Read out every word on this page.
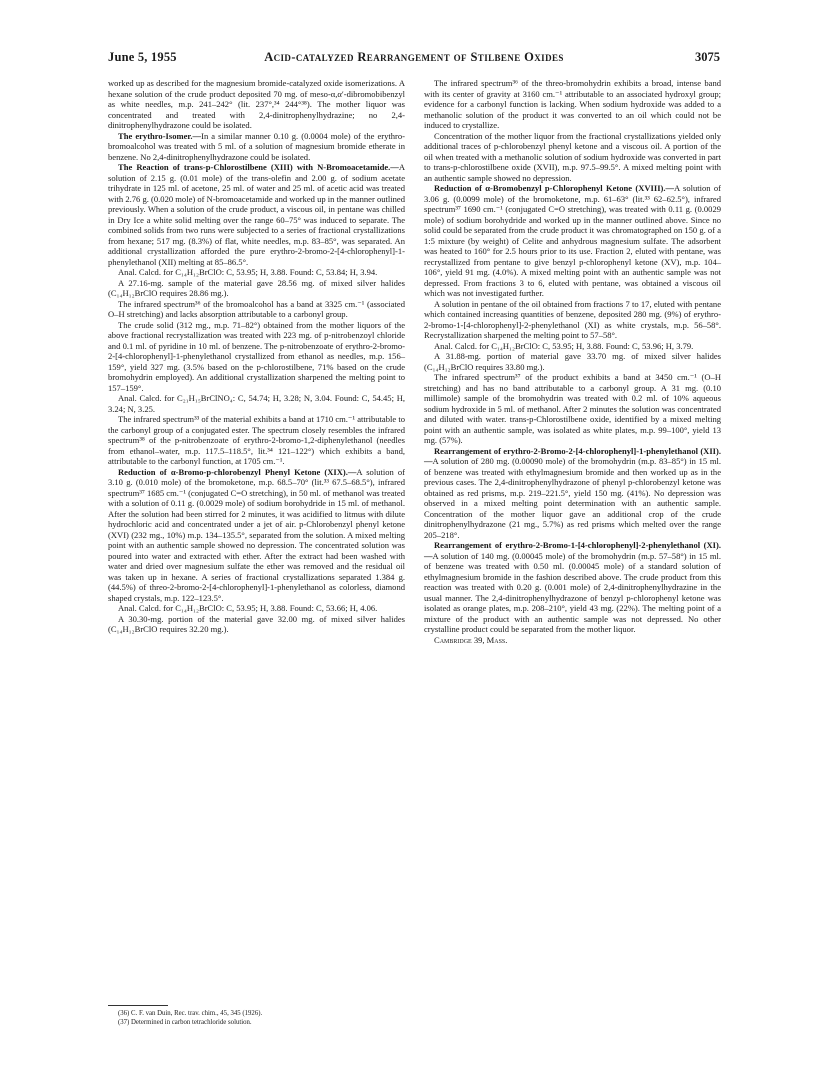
June 5, 1955	Acid-catalyzed Rearrangement of Stilbene Oxides	3075

worked up as described for the magnesium bromide-catalyzed oxide isomerizations. A hexane solution of the crude product deposited 70 mg. of meso-α,α′-dibromobibenzyl as white needles, m.p. 241–242° (lit. 237°,³⁴ 244°³⁸). The mother liquor was concentrated and treated with 2,4-dinitrophenylhydrazine; no 2,4-dinitrophenylhydrazone could be isolated.

The erythro-Isomer.—In a similar manner 0.10 g. (0.0004 mole) of the erythro-bromoalcohol was treated with 5 ml. of a solution of magnesium bromide etherate in benzene. No 2,4-dinitrophenylhydrazone could be isolated.

The Reaction of trans-p-Chlorostilbene (XIII) with N-Bromoacetamide.—A solution of 2.15 g. (0.01 mole) of the trans-olefin and 2.00 g. of sodium acetate trihydrate in 125 ml. of acetone, 25 ml. of water and 25 ml. of acetic acid was treated with 2.76 g. (0.020 mole) of N-bromoacetamide and worked up in the manner outlined previously. When a solution of the crude product, a viscous oil, in pentane was chilled in Dry Ice a white solid melting over the range 60–75° was induced to separate. The combined solids from two runs were subjected to a series of fractional crystallizations from hexane; 517 mg. (8.3%) of flat, white needles, m.p. 83–85°, was separated. An additional crystallization afforded the pure erythro-2-bromo-2-[4-chlorophenyl]-1-phenylethanol (XII) melting at 85–86.5°.

Anal. Calcd. for C₁₄H₁₂BrClO: C, 53.95; H, 3.88. Found: C, 53.84; H, 3.94.

A 27.16-mg. sample of the material gave 28.56 mg. of mixed silver halides (C₁₄H₁₂BrClO requires 28.86 mg.).

The infrared spectrum³⁶ of the bromoalcohol has a band at 3325 cm.⁻¹ (associated O–H stretching) and lacks absorption attributable to a carbonyl group.

The crude solid (312 mg., m.p. 71–82°) obtained from the mother liquors of the above fractional recrystallization was treated with 223 mg. of p-nitrobenzoyl chloride and 0.1 ml. of pyridine in 10 ml. of benzene. The p-nitrobenzoate of erythro-2-bromo-2-[4-chlorophenyl]-1-phenylethanol crystallized from ethanol as needles, m.p. 156–159°, yield 327 mg. (3.5% based on the p-chlorostilbene, 71% based on the crude bromohydrin employed). An additional crystallization sharpened the melting point to 157–159°.

Anal. Calcd. for C₂₁H₁₅BrClNO₄: C, 54.74; H, 3.28; N, 3.04. Found: C, 54.45; H, 3.24; N, 3.25.

The infrared spectrum³³ of the material exhibits a band at 1710 cm.⁻¹ attributable to the carbonyl group of a conjugated ester. The spectrum closely resembles the infrared spectrum³⁸ of the p-nitrobenzoate of erythro-2-bromo-1,2-diphenylethanol (needles from ethanol–water, m.p. 117.5–118.5°, lit.³⁴ 121–122°) which exhibits a band, attributable to the carbonyl function, at 1705 cm.⁻¹.

Reduction of α-Bromo-p-chlorobenzyl Phenyl Ketone (XIX).—A solution of 3.10 g. (0.010 mole) of the bromoketone, m.p. 68.5–70° (lit.³³ 67.5–68.5°), infrared spectrum³⁷ 1685 cm.⁻¹ (conjugated C=O stretching), in 50 ml. of methanol was treated with a solution of 0.11 g. (0.0029 mole) of sodium borohydride in 15 ml. of methanol. After the solution had been stirred for 2 minutes, it was acidified to litmus with dilute hydrochloric acid and concentrated under a jet of air. p-Chlorobenzyl phenyl ketone (XVI) (232 mg., 10%) m.p. 134–135.5°, separated from the solution. A mixed melting point with an authentic sample showed no depression. The concentrated solution was poured into water and extracted with ether. After the extract had been washed with water and dried over magnesium sulfate the ether was removed and the residual oil was taken up in hexane. A series of fractional crystallizations separated 1.384 g. (44.5%) of threo-2-bromo-2-[4-chlorophenyl]-1-phenylethanol as colorless, diamond shaped crystals, m.p. 122–123.5°.

Anal. Calcd. for C₁₄H₁₂BrClO: C, 53.95; H, 3.88. Found: C, 53.66; H, 4.06.

A 30.30-mg. portion of the material gave 32.00 mg. of mixed silver halides (C₁₄H₁₂BrClO requires 32.20 mg.).

The infrared spectrum³⁶ of the threo-bromohydrin exhibits a broad, intense band with its center of gravity at 3160 cm.⁻¹ attributable to an associated hydroxyl group; evidence for a carbonyl function is lacking. When sodium hydroxide was added to a methanolic solution of the product it was converted to an oil which could not be induced to crystallize.

Concentration of the mother liquor from the fractional crystallizations yielded only additional traces of p-chlorobenzyl phenyl ketone and a viscous oil. A portion of the oil when treated with a methanolic solution of sodium hydroxide was converted in part to trans-p-chlorostilbene oxide (XVII), m.p. 97.5–99.5°. A mixed melting point with an authentic sample showed no depression.

Reduction of α-Bromobenzyl p-Chlorophenyl Ketone (XVIII).—A solution of 3.06 g. (0.0099 mole) of the bromoketone, m.p. 61–63° (lit.³³ 62–62.5°), infrared spectrum³⁷ 1690 cm.⁻¹ (conjugated C=O stretching), was treated with 0.11 g. (0.0029 mole) of sodium borohydride and worked up in the manner outlined above. Since no solid could be separated from the crude product it was chromatographed on 150 g. of a 1:5 mixture (by weight) of Celite and anhydrous magnesium sulfate. The adsorbent was heated to 160° for 2.5 hours prior to its use. Fraction 2, eluted with pentane, was recrystallized from pentane to give benzyl p-chlorophenyl ketone (XV), m.p. 104–106°, yield 91 mg. (4.0%). A mixed melting point with an authentic sample was not depressed. From fractions 3 to 6, eluted with pentane, was obtained a viscous oil which was not investigated further.

A solution in pentane of the oil obtained from fractions 7 to 17, eluted with pentane which contained increasing quantities of benzene, deposited 280 mg. (9%) of erythro-2-bromo-1-[4-chlorophenyl]-2-phenylethanol (XI) as white crystals, m.p. 56–58°. Recrystallization sharpened the melting point to 57–58°.

Anal. Calcd. for C₁₄H₁₂BrClO: C, 53.95; H, 3.88. Found: C, 53.96; H, 3.79.

A 31.88-mg. portion of material gave 33.70 mg. of mixed silver halides (C₁₄H₁₂BrClO requires 33.80 mg.).

The infrared spectrum³⁷ of the product exhibits a band at 3450 cm.⁻¹ (O–H stretching) and has no band attributable to a carbonyl group. A 31 mg. (0.10 millimole) sample of the bromohydrin was treated with 0.2 ml. of 10% aqueous sodium hydroxide in 5 ml. of methanol. After 2 minutes the solution was concentrated and diluted with water. trans-p-Chlorostilbene oxide, identified by a mixed melting point with an authentic sample, was isolated as white plates, m.p. 99–100°, yield 13 mg. (57%).

Rearrangement of erythro-2-Bromo-2-[4-chlorophenyl]-1-phenylethanol (XII).—A solution of 280 mg. (0.00090 mole) of the bromohydrin (m.p. 83–85°) in 15 ml. of benzene was treated with ethylmagnesium bromide and then worked up as in the previous cases. The 2,4-dinitrophenylhydrazone of phenyl p-chlorobenzyl ketone was obtained as red prisms, m.p. 219–221.5°, yield 150 mg. (41%). No depression was observed in a mixed melting point determination with an authentic sample. Concentration of the mother liquor gave an additional crop of the crude dinitrophenylhydrazone (21 mg., 5.7%) as red prisms which melted over the range 205–218°.

Rearrangement of erythro-2-Bromo-1-[4-chlorophenyl]-2-phenylethanol (XI).—A solution of 140 mg. (0.00045 mole) of the bromohydrin (m.p. 57–58°) in 15 ml. of benzene was treated with 0.50 ml. (0.00045 mole) of a standard solution of ethylmagnesium bromide in the fashion described above. The crude product from this reaction was treated with 0.20 g. (0.001 mole) of 2,4-dinitrophenylhydrazine in the usual manner. The 2,4-dinitrophenylhydrazone of benzyl p-chlorophenyl ketone was isolated as orange plates, m.p. 208–210°, yield 43 mg. (22%). The melting point of a mixture of the product with an authentic sample was not depressed. No other crystalline product could be separated from the mother liquor.

Cambridge 39, Mass.

(36) C. F. van Duin, Rec. trav. chim., 45, 345 (1926).
(37) Determined in carbon tetrachloride solution.
